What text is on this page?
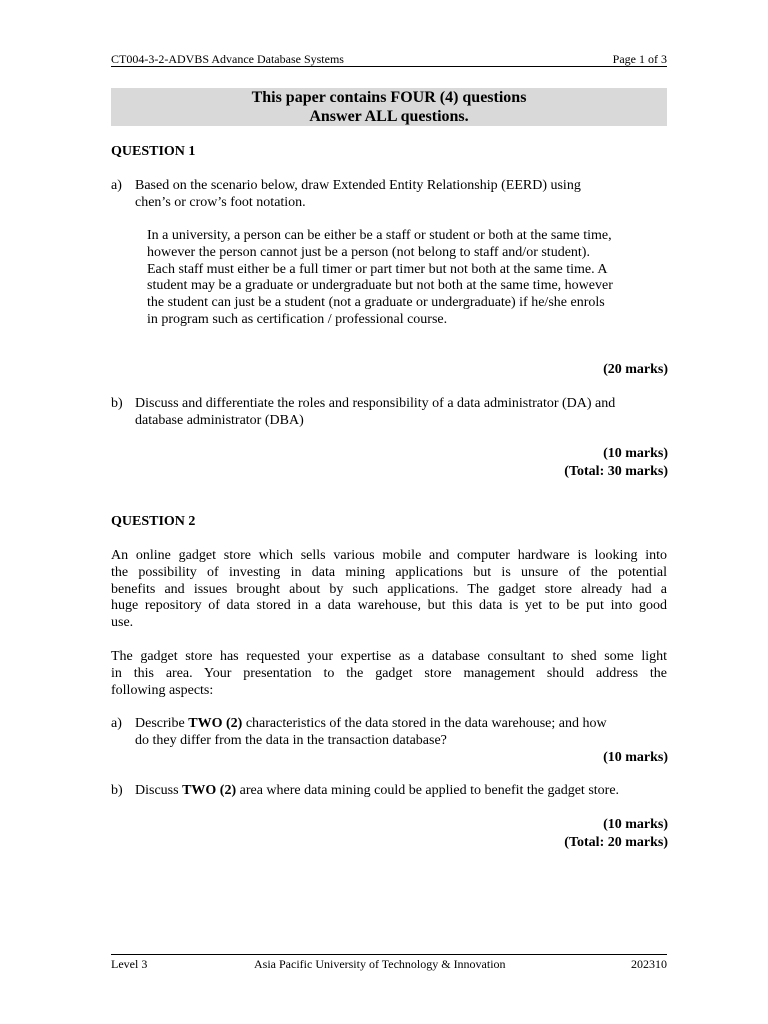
CT004-3-2-ADVBS Advance Database Systems	Page 1 of 3
This paper contains FOUR (4) questions
Answer ALL questions.
QUESTION 1
a) Based on the scenario below, draw Extended Entity Relationship (EERD) using
chen’s or crow’s foot notation.
In a university, a person can be either be a staff or student or both at the same time,
however the person cannot just be a person (not belong to staff and/or student).
Each staff must either be a full timer or part timer but not both at the same time. A
student may be a graduate or undergraduate but not both at the same time, however
the student can just be a student (not a graduate or undergraduate) if he/she enrols
in program such as certification / professional course.
(20 marks)
b) Discuss and differentiate the roles and responsibility of a data administrator (DA) and
database administrator (DBA)
(10 marks)
(Total: 30 marks)
QUESTION 2
An online gadget store which sells various mobile and computer hardware is looking into
the possibility of investing in data mining applications but is unsure of the potential
benefits and issues brought about by such applications. The gadget store already had a
huge repository of data stored in a data warehouse, but this data is yet to be put into good
use.
The gadget store has requested your expertise as a database consultant to shed some light
in this area. Your presentation to the gadget store management should address the
following aspects:
a) Describe TWO (2) characteristics of the data stored in the data warehouse; and how
do they differ from the data in the transaction database?
(10 marks)
b) Discuss TWO (2) area where data mining could be applied to benefit the gadget store.
(10 marks)
(Total: 20 marks)
Level 3	Asia Pacific University of Technology & Innovation	202310
